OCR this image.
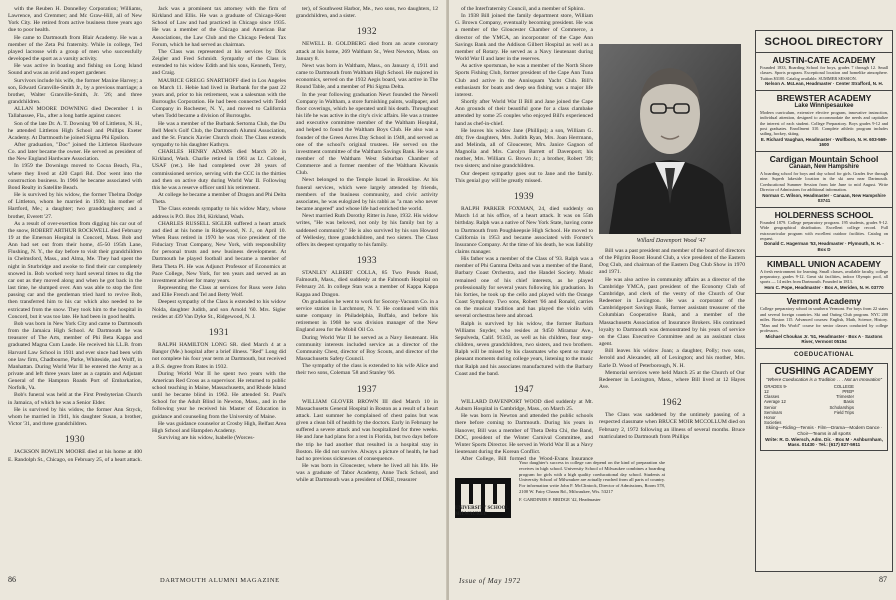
with the Reuben H. Donnelley Corporation; Williams, Lawrence, and Cremmer; and Mc Graw-Hill, all of New York City. He retired from active business three years ago due to poor health.

He came to Dartmouth from Blair Academy. He was a member of the Zeta Psi fraternity. While in college, Ted played lacrosse with a group of men who successfully developed the sport as a varsity activity.

He was active in boating and fishing on Long Island Sound and was an avid and expert gardener.

Survivors include his wife, the former Maxine Harvey; a son, Edward Granville-Smith Jr., by a previous marriage; a brother, Walter Granville-Smith, Jr. '26; and three grandchildren.

ALLAN MOORE DOWNING died December 1 in Tallahassee, Fla., after a long battle against cancer.

Son of the late Dr. A. T. Downing '00 of Littleton, N. H., he attended Littleton High School and Phillips Exeter Academy. At Dartmouth he joined Sigma Phi Epsilon.

After graduation, "Doc" joined the Littleton Hardware Co. and later became the owner. He served as president of the New England Hardware Association.

In 1959 the Downings moved to Cocoa Beach, Fla., where they lived at 420 Capri Rd. Doc went into the construction business. In 1966 he became associated with Bond Realty in Satellite Beach.

He is survived by his widow, the former Thelma Dodge of Littleton, whom he married in 1930; his mother of Hartford, Me.; a daughter; two granddaughters; and a brother, Everett '27.

As a result of over-exertion from digging his car out of the snow, ROBERT ARTHUR ROCKWELL died February 19 at the Emerson Hospital in Concord, Mass. Bob and Ann had set out from their home, 45-50 195th Lane, Flushing, N. Y., the day before to visit their grandchildren in Chelmsford, Mass., and Alma, Me. They had spent the night in Sturbridge and awoke to find their car completely snowed in. Bob worked very hard several times to dig the car out as they moved along and when he got back in the last time, he slumped over. Ann was able to stop the first passing car and the gentleman tried hard to revive Bob, then transferred him to his car which also needed to be extricated from the snow. They took him to the hospital in Concord, but it was too late. He had been in good health.

Bob was born in New York City and came to Dartmouth from the Jamaica High School. At Dartmouth he was treasurer of The Arts, member of Phi Beta Kappa and graduated Magna Cum Laude. He received his LL.B. from Harvard Law School in 1931 and ever since had been with one law firm, Chadbourne, Parke, Whiteside, and Wolff, in Manhattan. During World War II he entered the Army as a private and left three years later as a captain and Adjutant General of the Hampton Roads Port of Embarkation, Norfolk, Va.

Bob's funeral was held at the First Presbyterian Church in Jamaica, of which he was a Senior Elder.

He is survived by his widow, the former Ann Stryck, whom he married in 1941, his daughter Susan, a brother, Victor '31, and three grandchildren.

1930

JACKSON BOWLIN MOORE died at his home at 400 E. Randolph St., Chicago, on February 25, of a heart attack.

Jack was a prominent tax attorney with the firm of Kirkland and Ellis. He was a graduate of Chicago-Kent School of Law and had practiced in Chicago since 1935. He was a member of the Chicago and American Bar Associations, the Law Club and the Chicago Federal Tax Forum, which he had served as chairman.

The Class was represented at his services by Dick Zeigler and Fred Schmidt. Sympathy of the Class is extended to his widow Edith and his sons, Kenneth, Terry, and Craig.

MAURICE GREGG SNARTHOFF died in Los Angeles on March 11. Hebie had lived in Burbank for the past 22 years and, prior to his retirement, was a salesman with the Burroughs Corporation. He had been connected with Todd Company in Rochester, N. Y., and moved to California when Todd became a division of Burroughs.

He was a member of the Burbank Sertoma Club, the Du Bell Men's Golf Club, the Dartmouth Alumni Association, and the St. Francis Xavier Church choir. The Class extends sympathy to his daughter Kathryn.

CHARLES HENRY ADAMS died March 20 in Kirkland, Wash. Charlie retired in 1961 as Lt. Colonel, USAF (ret.). He had completed over 28 years of commissioned service, serving with the CCC in the thirties and then on active duty during World War II. Following this he was a reserve officer until his retirement.

At college he became a member of Dragon and Phi Delta Theta.

The Class extends sympathy to his widow Mary, whose address is P.O. Box 394, Kirkland, Wash.

CHARLES RUSSELL SIGLER suffered a heart attack and died at his home in Ridgewood, N. J., on April 10. When Russ retired in 1970 he was vice president of the Fiduciary Trust Company, New York, with responsibility for personal trusts and new business development. At Dartmouth he played football and became a member of Beta Theta Pi. He was Adjunct Professor of Economics at Pace College, New York, for ten years and served as an investment adviser for many years.

Representing the Class at services for Russ were John and Ellie French and Tel and Betty Wolf.

Deepest sympathy of the Class is extended to his widow Nolda, daughter Judith, and son Arnold '60. Mrs. Sigler resides at 439 Van Dyke St., Ridgewood, N. J.

1931

RALPH HAMILTON LONG SR. died March 4 at a Bangor (Me.) hospital after a brief illness. "Red" Long did not complete his four year term at Dartmouth, but received a B.S. degree from Bates in 1932.

During World War II he spent two years with the American Red Cross as a supervisor. He returned to public school teaching in Maine, Massachusetts, and Rhode Island until he became blind in 1962. He attended St. Paul's School for the Adult Blind in Newton, Mass., and in the following year he received his Master of Education in guidance and counseling from the University of Maine.

He was guidance counselor at Crosby High, Belfast Area High School and Hampden Academy.

Surviving are his widow, Isabelle (Worces-

ter), of Southwest Harbor, Me., two sons, two daughters, 12 grandchildren, and a sister.

1932

NEWELL B. GOLDBERG died from an acute coronary attack at his home, 269 Waltham St., West Newton, Mass. on January 8.

Newt was born in Waltham, Mass., on January 4, 1911 and came to Dartmouth from Waltham High School. He majored in economics, served on the 1932 Aegis board, was active in The Round Table, and a member of Phi Sigma Delta.

In the year following graduation Newt founded the Newell Company in Waltham, a store furnishing paints, wallpaper, and floor coverings, which he operated until his death. Throughout his life he was active in the city's civic affairs. He was a trustee and executive committee member of the Waltham Hospital, and helped to found the Waltham Boys Club. He also was a founder of the Green Acres Day School in 1948, and served as one of the school's original trustees. He served on the investment committee of the Waltham Savings Bank. He was a member of the Waltham West Suburban Chamber of Commerce and a former member of the Waltham Kiwanis Club.

Newt belonged to the Temple Israel in Brookline. At his funeral services, which were largely attended by friends, members of the business community, and civic activity associates, he was eulogized by his rabbi as "a man who never became angered" and whose life had enriched the world.

Newt married Ruth Dorothy Ritter in June, 1932. His widow writes, "He was beloved, not only by his family but by a saddened community." He is also survived by his son Howard of Wellesley, three grandchildren, and two sisters. The Class offers its deepest sympathy to his family.

1933

STANLEY ALBERT COLLA, 85 Two Ponds Road, Falmouth, Mass., died suddenly at the Falmouth Hospital on February 24. In college Stan was a member of Kappa Kappa Kappa and Dragon.

On graduation he went to work for Socony-Vacuum Co. in a service station in Larchmont, N. Y. He continued with this same company in Philadelphia, Buffalo, and before his retirement in 1968 he was division manager of the New England area for the Mobil Oil Co.

During World War II he served as a Navy lieutenant. His community interests included service as a director of the Community Chest, director of Boy Scouts, and director of the Massachusetts Safety Council.

The sympathy of the class is extended to his wife Alice and their two sons, Coleman '58 and Stanley '66.

1937

WILLIAM GLOVER BROWN III died March 10 in Massachusetts General Hospital in Boston as a result of a heart attack. Last summer he complained of chest pains but was given a clean bill of health by the doctors. Early in February he suffered a severe attack and was hospitalized for three weeks. He and Jane had plans for a rest in Florida, but two days before the trip he had another that resulted in a hospital stay in Boston. He did not survive. Always a picture of health, he had had no previous sicknesses of consequence.

He was born in Gloucester, where he lived all his life. He was a graduate of Tabor Academy, Anne Tuck School, and while at Dartmouth was a president of DKE, treasurer

86	DARTMOUTH ALUMNI MAGAZINE

of the Interfraternity Council, and a member of Sphinx.

In 1938 Bill joined the family department store, William G. Brown Company, eventually becoming president. He was a member of the Gloucester Chamber of Commerce, a director of the YMCA, an incorporator of the Cape Ann Savings Bank and the Addison Gilbert Hospital as well as a member of Rotary. He served as a Navy lieutenant during World War II and later in the reserves.

As active sportsman, he was a member of the North Shore Sports Fishing Club, former president of the Cape Ann Tuna Club and active in the Annisquam Yacht Club. Bill's enthusiasm for boats and deep sea fishing was a major life interest.

Shortly after World War II Bill and Jane joined the Cape Ann grounds of their beautiful gone for a class clambake attended by some 25 couples who enjoyed Bill's experienced hand as chef-in-chief.

He leaves his widow Jane (Phillips); a son, William G. 4th; five daughters, Mrs. Judith Ryan, Mrs. Joan Herrmann, and Melinda, all of Gloucester, Mrs. Janice Gagnon of Magnolia and Mrs. Carolyn Barrett of Davenport; his mother, Mrs. William G. Brown Jr.; a brother, Robert '39; two sisters; and nine grandchildren.

Our deepest sympathy goes out to Jane and the family. This genial guy will be greatly missed.

1939

RALPH PARKER FOXMAN, 24, died suddenly on March 14 at his office, of a heart attack. It was on 55th birthday. Ralph was a native of New York State, having come to Dartmouth from Poughkeepsie High School. He moved to California in 1953 and became associated with Forster's Insurance Company. At the time of his death, he was liability claims manager.

His father was a member of the Class of '93. Ralph was a member of Phi Gamma Delta and was a member of the Band, Barbary Coast Orchestra, and the Handel Society. Music remained one of his chief interests, as he played professionally for several years following his graduation. In his forties, he took up the cello and played with the Orange Coast Symphony. Two sons, Robert '66 and Ronald, carries on the musical tradition and has played the violin with several orchestras here and abroad.

Ralph is survived by his widow, the former Barbara Williams Snyder, who resides at 9450 Miramar Ave., Sepulveda, Calif. 91343, as well as his children, four step-children, seven grandchildren, two sisters, and two brothers. Ralph will be missed by his classmates who spent so many pleasant moments during college years, listening to the music that Ralph and his associates manufactured with the Barbary Coast and the band.

1947

WILLARD DAVENPORT WOOD died suddenly at Mt. Auburn Hospital in Cambridge, Mass., on March 25.

He was born in Newton and attended the public schools there before coming to Dartmouth. During his years in Hanover, Bill was a member of Theta Delta Chi, the Band, DOC, president of the Winter Carnival Committee, and Winter Sports Director. He served in World War II as a Navy lieutenant during the Korean Conflict.

After College, Bill formed the Wood-Evans Insurance

Willard Davenport Wood '47

Bill was a past president and member of the board of directors of the Pilgrim Roost Hound Club, a vice president of the Eastern Dog Club, and chairman of the Eastern Dog Club Show in 1970 and 1971.

He was also active in community affairs as a director of the Cambridge YMCA, past president of the Economy Club of Cambridge, and clerk of the vestry of the Church of Our Redeemer in Lexington. He was a corporator of the Cambridgeport Savings Bank, former assistant treasurer of the Columbian Cooperative Bank, and a member of the Massachusetts Association of Insurance Brokers. His continued loyalty to Dartmouth was demonstrated by his years of service on the Class Executive Committee and as an assistant class agent.

Bill leaves his widow Joan; a daughter, Polly; two sons, Jerrold and Alexander, all of Lexington; and his mother, Mrs. Earle D. Wood of Peterborough, N. H.

Memorial services were held March 25 at the Church of Our Redeemer in Lexington, Mass., where Bill lived at 12 Hayes Ave.

1962

The Class was saddened by the untimely passing of a respected classmate when BRUCE MOIR MCCOLLUM died on February 2, 1972 following an illness of several months. Bruce matriculated to Dartmouth from Phillips

UNIVERSITY SCHOOL MILWAUKEE
Your daughter's success in college can depend on the kind of preparation she receives in high school. University School of Milwaukee combines a boarding program for girls with a high quality coeducational day school. Students at University School of Milwaukee are actually reached from all parts of country. For information write John F. McClintock, Director of Admissions, Room 578, 2100 W. Fairy Chasm Rd., Milwaukee, Wis. 53217
F. GARDINER F. BRIDGE '42, Headmaster
SCHOOL DIRECTORY
AUSTIN-CATE ACADEMY
Founded 1833, Boarding School for boys, grades 7 through 12. Small classes. Sports program. Exceptional location and homelike atmosphere. Tuition $3100. Catalog available. SUMMER SESSION.
Nelson A. McLean, Headmaster · Center Strafford, N. H.
BREWSTER ACADEMY
Lake Winnipesaukee
Modern curriculum, extensive elective program, innovative instruction, individual attention, designed to accommodate the needs and capitalize the interest of each student. College Preparatory. Boys grades 9-12 and post graduates. Enrollment 310. Complete athletic program includes sailing, hockey, skiing.
E. Richard Vaughan, Headmaster · Wolfboro, N. H. 603-569-1600
Cardigan Mountain School
Canaan, New Hampshire
A boarding school for boys and day school for girls. Grades five through nine. Superb lakeside location in the ski area near Dartmouth. Coeducational Summer Session from late June to mid August. Write Director of Admissions for additional information.
Norman C. Wilson, Headmaster · Canaan, New Hampshire 03741
HOLDERNESS SCHOOL
Founded 1879. College preparatory program. 195 students, grades 9-12. Wide geographical distribution. Excellent college record. Full extracurricular program with excellent outdoor facilities. Catalog on request.
Donald C. Hagerman '53, Headmaster · Plymouth, N. H. · Box D
KIMBALL UNION ACADEMY
A fresh environment for learning. Small classes, available faculty, college preparatory, grades 9-12. Great ski facilities, indoor Olympic pool, all sports — 14 miles from Dartmouth. Founded in 1813.
Hom C. Pope, Headmaster · Box A, Meriden, N. H. 03770
Vermont Academy
College preparatory school in southern Vermont. For boys from 22 states and several foreign countries. Ski and Outing Club program. NYC 200 miles. Boston 115. Advanced courses: English, Math, Science, History. "Man and His World" course for senior classes conducted by college professors.
Michael Choukas Jr. '51, Headmaster · Box A · Saxtons River, Vermont 05154
COEDUCATIONAL
CUSHING ACADEMY
"Where Coeducation is a Tradition . . . Not an Innovation"
GRADES 9-12
Classes Average 12
Senior Seminars
Honor Societies
COLLEGE PREP
Trimester Basis
Scholarships
Field Trips
Skiing—Riding—Tennis · Film—Drama—Modern Dance · Choir—Teams in all sports
Write: R. D. Wiersch, Adm. Dir. · Box M · Ashburnham, Mass. 01430 · Tel.: (617) 827-5911
Issue of May 1972	87
